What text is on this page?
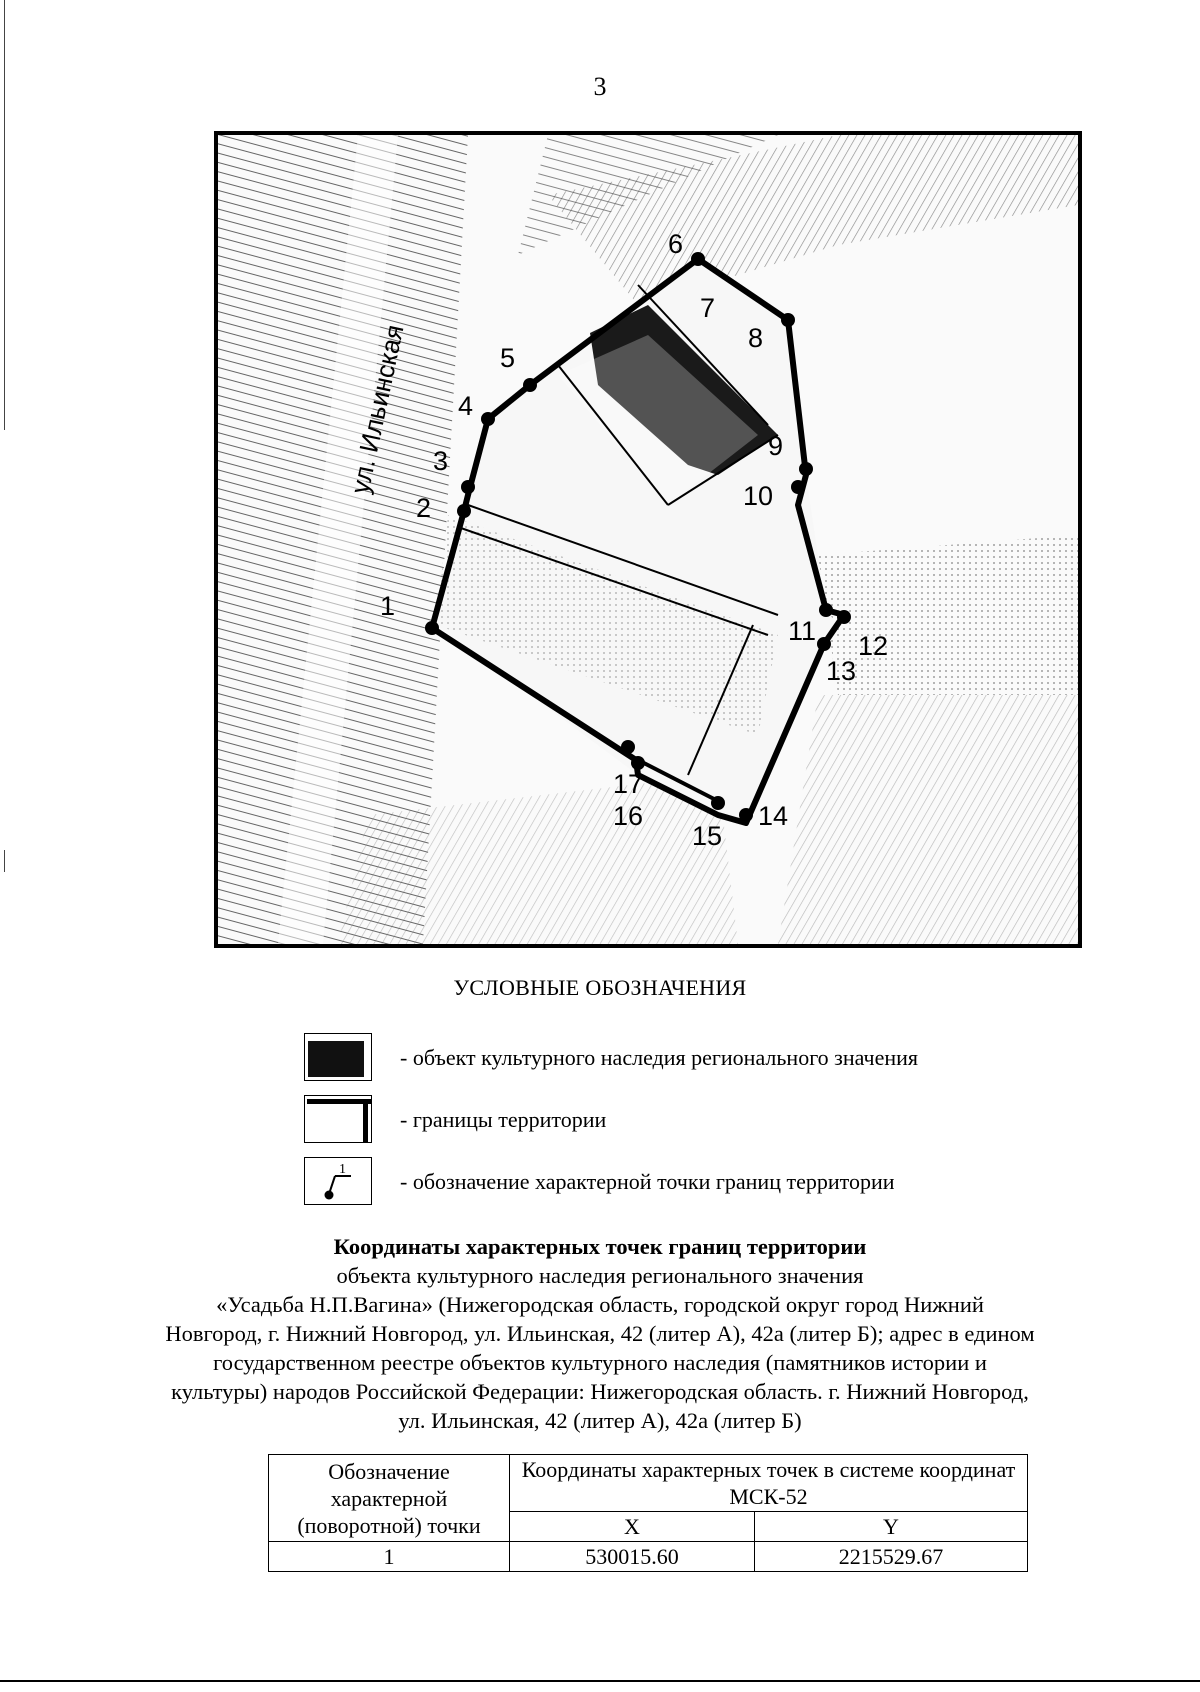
3
ул. Ильинская
1
2
3
4
5
6
7
8
9
10
11 12
13
14
15
16
17
УСЛОВНЫЕ ОБОЗНАЧЕНИЯ
- объект культурного наследия регионального значения
- границы территории
1 - обозначение характерной точки границ территории
Координаты характерных точек границ территории
объекта культурного наследия регионального значения
«Усадьба Н.П.Вагина» (Нижегородская область, городской округ город Нижний
Новгород, г. Нижний Новгород, ул. Ильинская, 42 (литер А), 42а (литер Б); адрес в едином
государственном реестре объектов культурного наследия (памятников истории и
культуры) народов Российской Федерации: Нижегородская область. г. Нижний Новгород,
ул. Ильинская, 42 (литер А), 42а (литер Б)
Обозначение характерной (поворотной) точки	Координаты характерных точек в системе координат МСК-52	
	X	Y
1	530015.60	2215529.67
